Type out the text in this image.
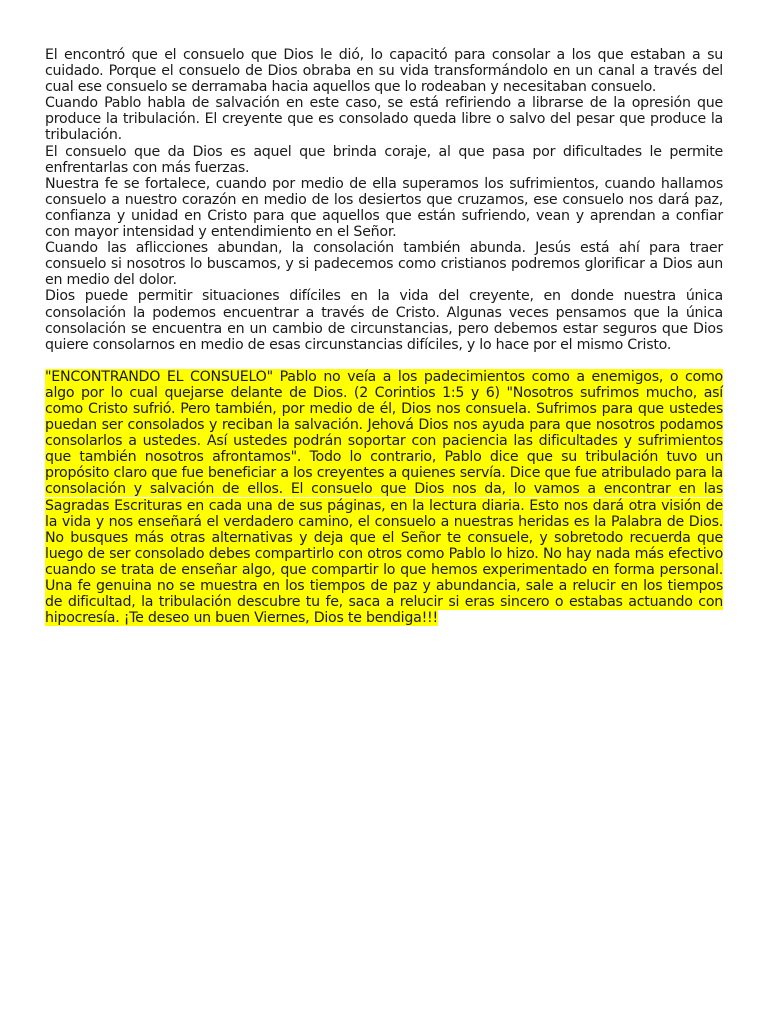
El encontró que el consuelo que Dios le dió, lo capacitó para consolar a los que estaban a su cuidado. Porque el consuelo de Dios obraba en su vida transformándolo en un canal a través del cual ese consuelo se derramaba hacia aquellos que lo rodeaban y necesitaban consuelo.

Cuando Pablo habla de salvación en este caso, se está refiriendo a librarse de la opresión que produce la tribulación. El creyente que es consolado queda libre o salvo del pesar que produce la tribulación.

El consuelo que da Dios es aquel que brinda coraje, al que pasa por dificultades le permite enfrentarlas con más fuerzas.

Nuestra fe se fortalece, cuando por medio de ella superamos los sufrimientos, cuando hallamos consuelo a nuestro corazón en medio de los desiertos que cruzamos, ese consuelo nos dará paz, confianza y unidad en Cristo para que aquellos que están sufriendo, vean y aprendan a confiar con mayor intensidad y entendimiento en el Señor.

Cuando las aflicciones abundan, la consolación también abunda. Jesús está ahí para traer consuelo si nosotros lo buscamos, y si padecemos como cristianos podremos glorificar a Dios aun en medio del dolor.

Dios puede permitir situaciones difíciles en la vida del creyente, en donde nuestra única consolación la podemos encuentrar a través de Cristo. Algunas veces pensamos que la única consolación se encuentra en un cambio de circunstancias, pero debemos estar seguros que Dios quiere consolarnos en medio de esas circunstancias difíciles, y lo hace por el mismo Cristo.

"ENCONTRANDO EL CONSUELO" Pablo no veía a los padecimientos como a enemigos, o como algo por lo cual quejarse delante de Dios. (2 Corintios 1:5 y 6) "Nosotros sufrimos mucho, así como Cristo sufrió. Pero también, por medio de él, Dios nos consuela. Sufrimos para que ustedes puedan ser consolados y reciban la salvación. Jehová Dios nos ayuda para que nosotros podamos consolarlos a ustedes. Así ustedes podrán soportar con paciencia las dificultades y sufrimientos que también nosotros afrontamos". Todo lo contrario, Pablo dice que su tribulación tuvo un propósito claro que fue beneficiar a los creyentes a quienes servía. Dice que fue atribulado para la consolación y salvación de ellos. El consuelo que Dios nos da, lo vamos a encontrar en las Sagradas Escrituras en cada una de sus páginas, en la lectura diaria. Esto nos dará otra visión de la vida y nos enseñará el verdadero camino, el consuelo a nuestras heridas es la Palabra de Dios. No busques más otras alternativas y deja que el Señor te consuele, y sobretodo recuerda que luego de ser consolado debes compartirlo con otros como Pablo lo hizo. No hay nada más efectivo cuando se trata de enseñar algo, que compartir lo que hemos experimentado en forma personal. Una fe genuina no se muestra en los tiempos de paz y abundancia, sale a relucir en los tiempos de dificultad, la tribulación descubre tu fe, saca a relucir si eras sincero o estabas actuando con hipocresía. ¡Te deseo un buen Viernes, Dios te bendiga!!!
